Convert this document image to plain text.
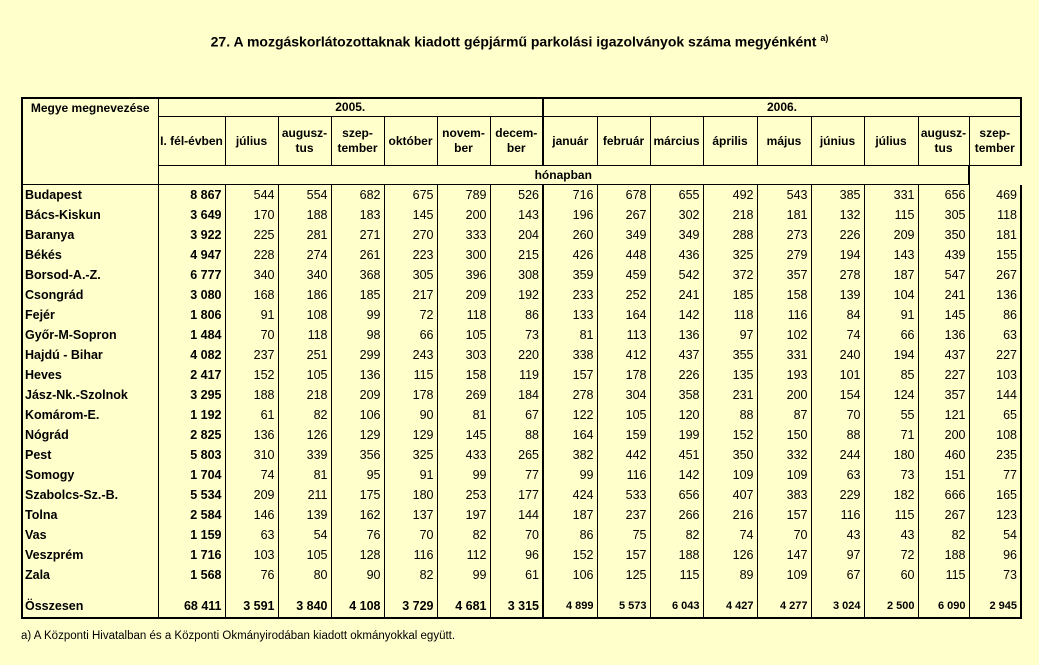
27. A mozgáskorlátozottaknak kiadott gépjármű parkolási igazolványok száma megyénként $^{a)}$
Megye megnevezése	2005.							2006.								
	I. fél-évben	július	augusz-tus	szep-tember	október	novem-ber	decem-ber	január	február	március	április	május	június	július	augusz-tus	szep-tember
	hónapban															
Budapest	8 867	544	554	682	675	789	526	716	678	655	492	543	385	331	656	469
Bács-Kiskun	3 649	170	188	183	145	200	143	196	267	302	218	181	132	115	305	118
Baranya	3 922	225	281	271	270	333	204	260	349	349	288	273	226	209	350	181
Békés	4 947	228	274	261	223	300	215	426	448	436	325	279	194	143	439	155
Borsod-A.-Z.	6 777	340	340	368	305	396	308	359	459	542	372	357	278	187	547	267
Csongrád	3 080	168	186	185	217	209	192	233	252	241	185	158	139	104	241	136
Fejér	1 806	91	108	99	72	118	86	133	164	142	118	116	84	91	145	86
Győr-M-Sopron	1 484	70	118	98	66	105	73	81	113	136	97	102	74	66	136	63
Hajdú - Bihar	4 082	237	251	299	243	303	220	338	412	437	355	331	240	194	437	227
Heves	2 417	152	105	136	115	158	119	157	178	226	135	193	101	85	227	103
Jász-Nk.-Szolnok	3 295	188	218	209	178	269	184	278	304	358	231	200	154	124	357	144
Komárom-E.	1 192	61	82	106	90	81	67	122	105	120	88	87	70	55	121	65
Nógrád	2 825	136	126	129	129	145	88	164	159	199	152	150	88	71	200	108
Pest	5 803	310	339	356	325	433	265	382	442	451	350	332	244	180	460	235
Somogy	1 704	74	81	95	91	99	77	99	116	142	109	109	63	73	151	77
Szabolcs-Sz.-B.	5 534	209	211	175	180	253	177	424	533	656	407	383	229	182	666	165
Tolna	2 584	146	139	162	137	197	144	187	237	266	216	157	116	115	267	123
Vas	1 159	63	54	76	70	82	70	86	75	82	74	70	43	43	82	54
Veszprém	1 716	103	105	128	116	112	96	152	157	188	126	147	97	72	188	96
Zala	1 568	76	80	90	82	99	61	106	125	115	89	109	67	60	115	73

Összesen	68 411	3 591	3 840	4 108	3 729	4 681	3 315	4 899	5 573	6 043	4 427	4 277	3 024	2 500	6 090	2 945
a) A Központi Hivatalban és a Központi Okmányirodában kiadott okmányokkal együtt.
